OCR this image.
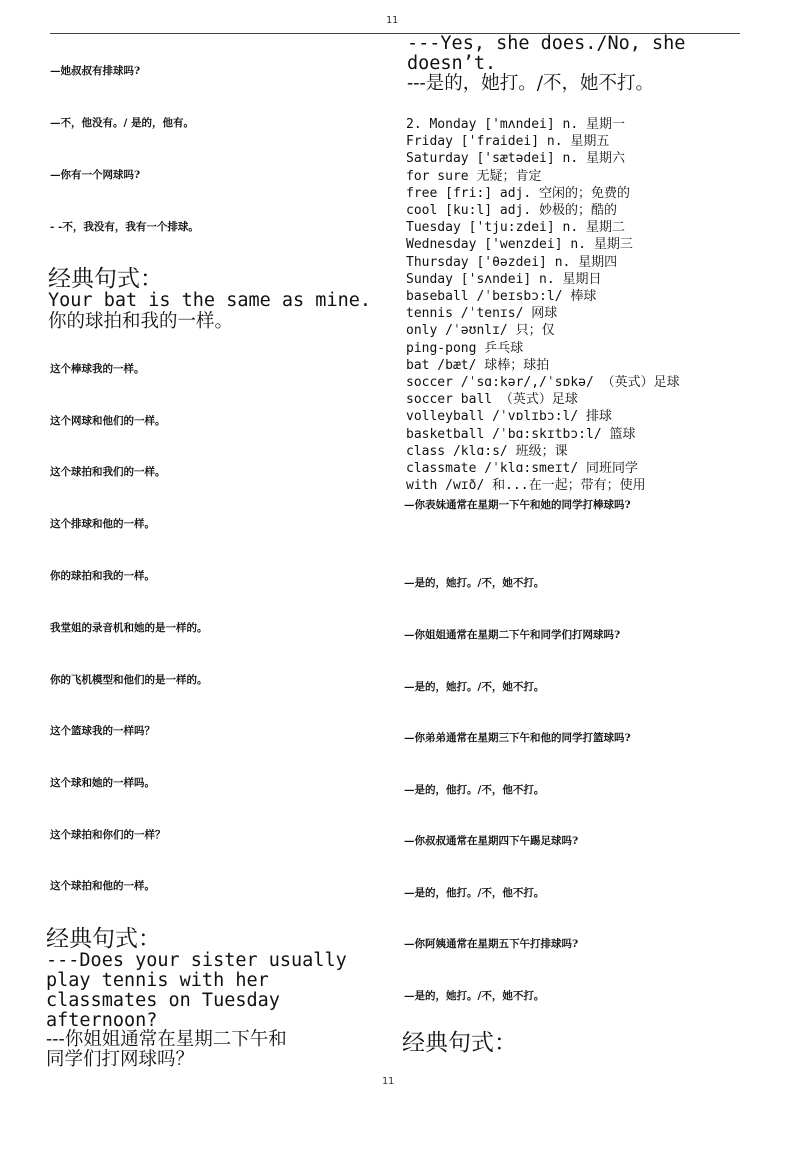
11
—她叔叔有排球吗?
—不，他没有。/ 是的，他有。
—你有一个网球吗?
- -不，我没有，我有一个排球。
经典句式：
Your bat is the same as mine.
你的球拍和我的一样。
这个棒球我的一样。
这个网球和他们的一样。
这个球拍和我们的一样。
这个排球和他的一样。
你的球拍和我的一样。
我堂姐的录音机和她的是一样的。
你的飞机模型和他们的是一样的。
这个篮球我的一样吗？
这个球和她的一样吗。
这个球拍和你们的一样？
这个球拍和他的一样。
经典句式：
---Does your sister usually
play tennis with her
classmates on Tuesday
afternoon?
---你姐姐通常在星期二下午和
同学们打网球吗？
---Yes, she does./No, she
doesn’t.
---是的，她打。/不，她不打。
2. Monday ['mʌndei] n. 星期一
Friday ['fraidei] n. 星期五
Saturday ['sætədei] n. 星期六
for sure 无疑；肯定
free [fri:] adj. 空闲的；免费的
cool [ku:l] adj. 妙极的；酷的
Tuesday ['tju:zdei] n. 星期二
Wednesday ['wenzdei] n. 星期三
Thursday ['θəzdei] n. 星期四
Sunday ['sʌndei] n. 星期日
baseball /ˈbeɪsbɔ:l/ 棒球
tennis /ˈtenɪs/ 网球
only /ˈəʊnlɪ/ 只；仅
ping-pong 乒乓球
bat /bæt/ 球棒；球拍
soccer /ˈsɑ:kər/,/ˈsɒkə/ （英式）足球
soccer ball （英式）足球
volleyball /ˈvɒlɪbɔ:l/ 排球
basketball /ˈbɑ:skɪtbɔ:l/ 篮球
class /klɑ:s/ 班级；课
classmate /ˈklɑ:smeɪt/ 同班同学
with /wɪð/ 和...在一起；带有；使用
—你表妹通常在星期一下午和她的同学打棒球吗?
—是的，她打。/不，她不打。
—你姐姐通常在星期二下午和同学们打网球吗?
—是的，她打。/不，她不打。
—你弟弟通常在星期三下午和他的同学打篮球吗?
—是的，他打。/不，他不打。
—你叔叔通常在星期四下午踢足球吗?
—是的，他打。/不，他不打。
—你阿姨通常在星期五下午打排球吗?
—是的，她打。/不，她不打。
经典句式：
11
